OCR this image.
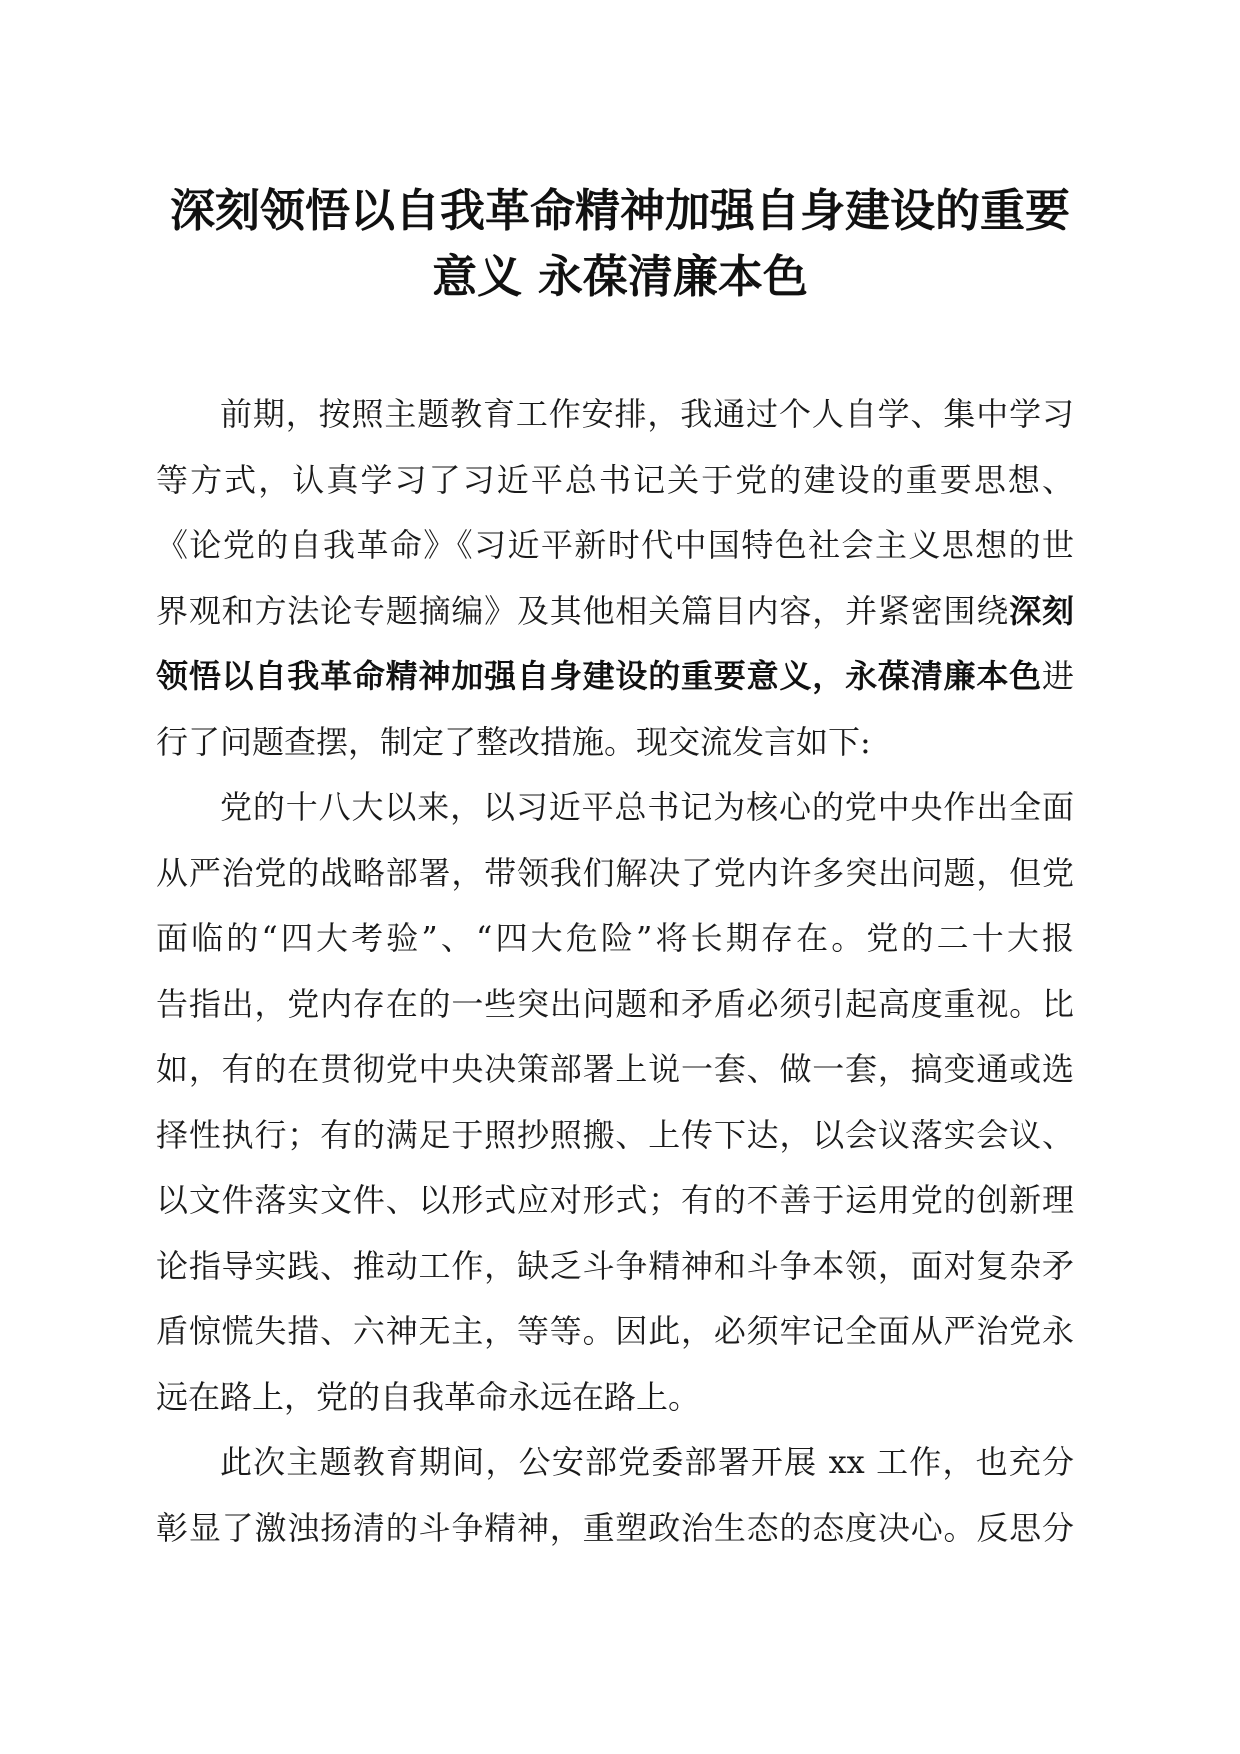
深刻领悟以自我革命精神加强自身建设的重要
意义 永葆清廉本色
前期，按照主题教育工作安排，我通过个人自学、集中学习
等方式，认真学习了习近平总书记关于党的建设的重要思想、
《论党的自我革命》《习近平新时代中国特色社会主义思想的世
界观和方法论专题摘编》及其他相关篇目内容，并紧密围绕深刻
领悟以自我革命精神加强自身建设的重要意义，永葆清廉本色进
行了问题查摆，制定了整改措施。现交流发言如下:
党的十八大以来，以习近平总书记为核心的党中央作出全面
从严治党的战略部署，带领我们解决了党内许多突出问题，但党
面临的“四大考验”、“四大危险”将长期存在。党的二十大报
告指出，党内存在的一些突出问题和矛盾必须引起高度重视。比
如，有的在贯彻党中央决策部署上说一套、做一套，搞变通或选
择性执行；有的满足于照抄照搬、上传下达，以会议落实会议、
以文件落实文件、以形式应对形式；有的不善于运用党的创新理
论指导实践、推动工作，缺乏斗争精神和斗争本领，面对复杂矛
盾惊慌失措、六神无主，等等。因此，必须牢记全面从严治党永
远在路上，党的自我革命永远在路上。
此次主题教育期间，公安部党委部署开展 xx 工作，也充分
彰显了激浊扬清的斗争精神，重塑政治生态的态度决心。反思分
